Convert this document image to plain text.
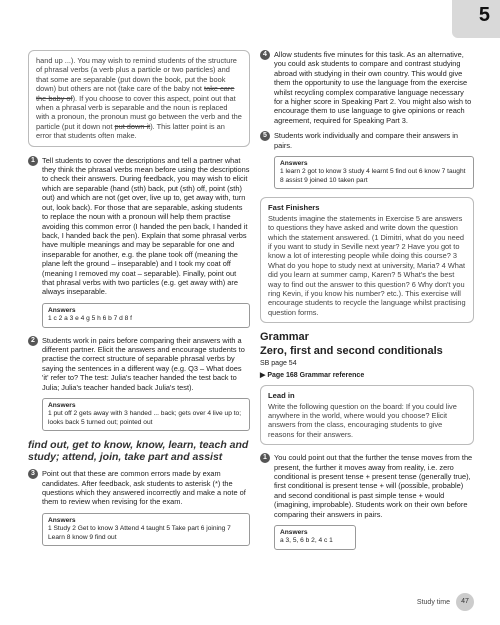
5
hand up ...). You may wish to remind students of the structure of phrasal verbs (a verb plus a particle or two particles) and that some are separable (put down the book, put the book down) but others are not (take care of the baby not take care the baby of). If you choose to cover this aspect, point out that when a phrasal verb is separable and the noun is replaced with a pronoun, the pronoun must go between the verb and the particle (put it down not put down it). This latter point is an error that students often make.
1 Tell students to cover the descriptions and tell a partner what they think the phrasal verbs mean before using the descriptions to check their answers. During feedback, you may wish to elicit which are separable (hand (sth) back, put (sth) off, point (sth) out) and which are not (get over, live up to, get away with, turn out, look back). For those that are separable, asking students to replace the noun with a pronoun will help them practise avoiding this common error (I handed the pen back, I handed it back, I handed back the pen). Explain that some phrasal verbs have multiple meanings and may be separable for one and inseparable for another, e.g. the plane took off (meaning the plane left the ground – inseparable) and I took my coat off (meaning I removed my coat – separable). Finally, point out that phrasal verbs with two particles (e.g. get away with) are always inseparable.
Answers
1 c 2 a 3 e 4 g 5 h 6 b 7 d 8 f
2 Students work in pairs before comparing their answers with a different partner. Elicit the answers and encourage students to practise the correct structure of separable phrasal verbs by saying the sentences in a different way (e.g. Q3 – What does 'it' refer to? The test: Julia's teacher handed the test back to Julia; Julia's teacher handed back Julia's test).
Answers
1 put off 2 gets away with 3 handed ... back; gets over 4 live up to; looks back 5 turned out; pointed out
find out, get to know, know, learn, teach and study; attend, join, take part and assist
3 Point out that these are common errors made by exam candidates. After feedback, ask students to asterisk (*) the questions which they answered incorrectly and make a note of them to review when revising for the exam.
Answers
1 Study 2 Get to know 3 Attend 4 taught 5 Take part 6 joining 7 Learn 8 know 9 find out
4 Allow students five minutes for this task. As an alternative, you could ask students to compare and contrast studying abroad with studying in their own country. This would give them the opportunity to use the language from the exercise whilst recycling complex comparative language necessary for a higher score in Speaking Part 2. You might also wish to encourage them to use language to give opinions or reach agreement, required for Speaking Part 3.
5 Students work individually and compare their answers in pairs.
Answers
1 learn 2 got to know 3 study 4 learnt 5 find out 6 know 7 taught 8 assist 9 joined 10 taken part
Fast Finishers
Students imagine the statements in Exercise 5 are answers to questions they have asked and write down the question which the statement answered. (1 Dimitri, what do you need if you want to study in Seville next year? 2 Have you got to know a lot of interesting people while doing this course? 3 What do you hope to study next at university, Maria? 4 What did you learn at summer camp, Karen? 5 What's the best way to find out the answer to this question? 6 Why don't you ring Kevin, if you know his number? etc.). This exercise will encourage students to recycle the language whilst practising question forms.
Grammar
Zero, first and second conditionals
SB page 54
▶ Page 168 Grammar reference
Lead in
Write the following question on the board: If you could live anywhere in the world, where would you choose? Elicit answers from the class, encouraging students to give reasons for their answers.
1 You could point out that the further the tense moves from the present, the further it moves away from reality, i.e. zero conditional is present tense + present tense (generally true), first conditional is present tense + will (possible, probable) and second conditional is past simple tense + would (imagining, improbable). Students work on their own before comparing their answers in pairs.
Answers
a 3, 5, 6 b 2, 4 c 1
Study time	47
